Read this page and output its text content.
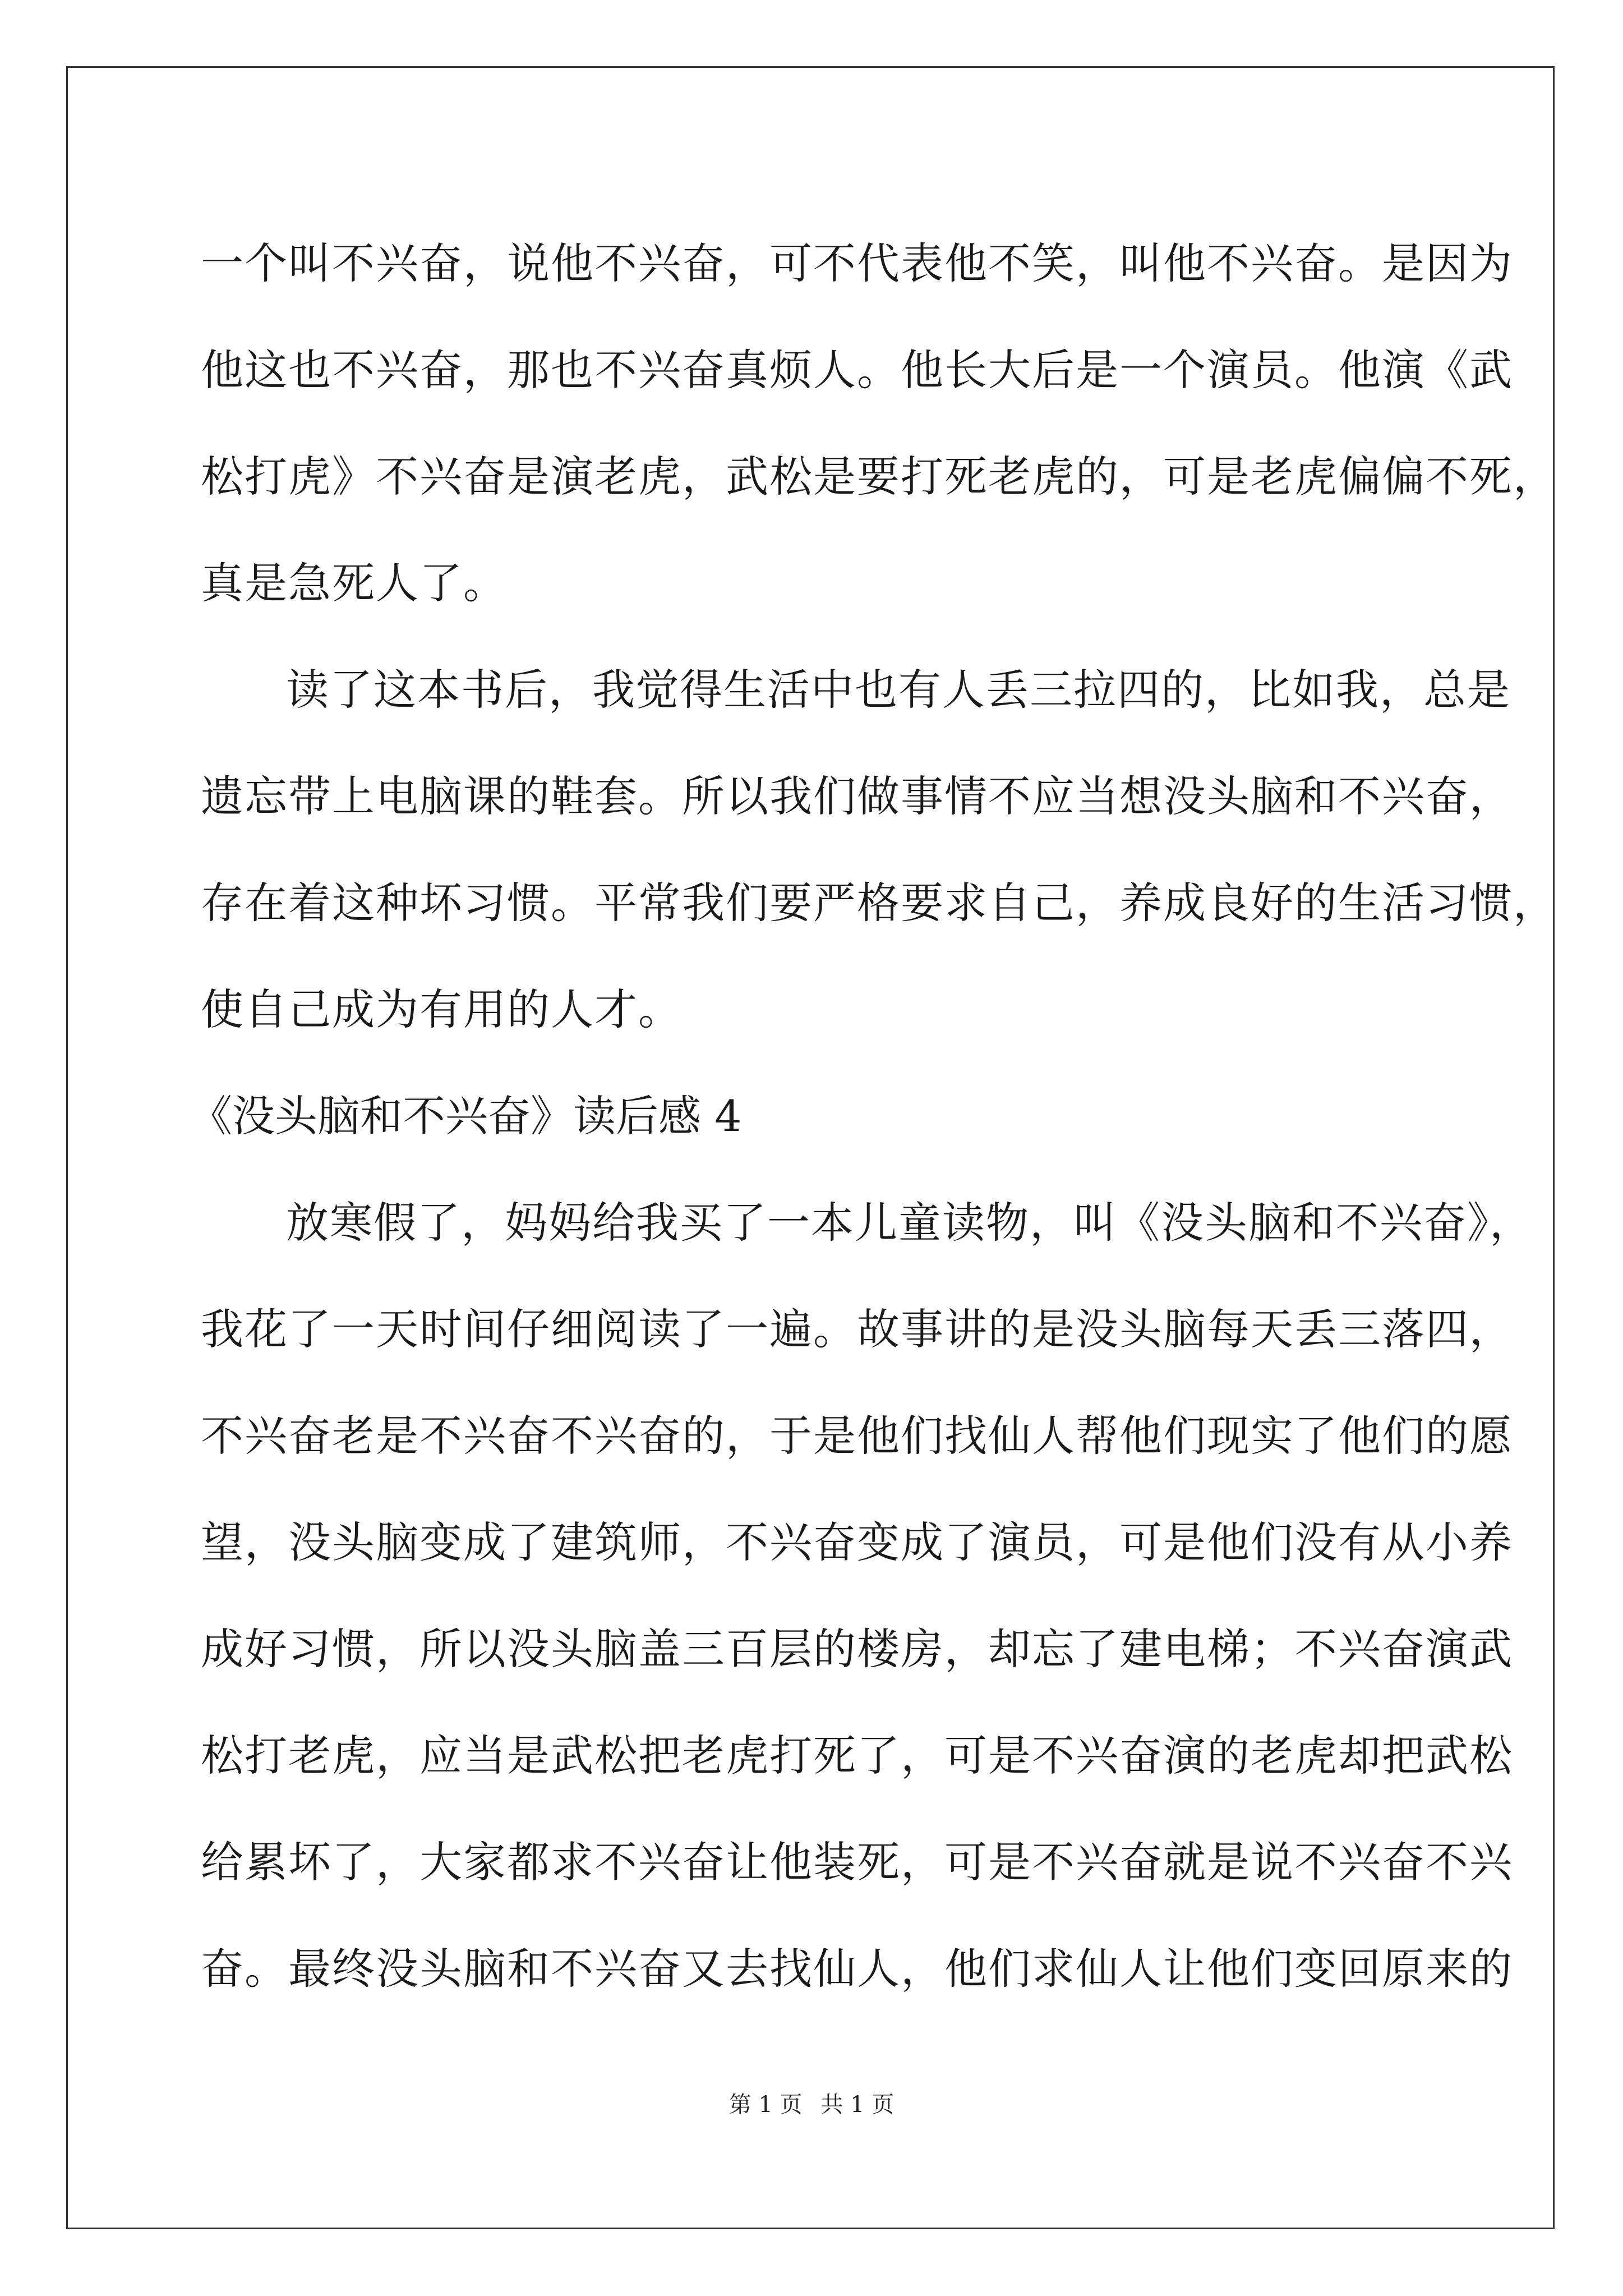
一个叫不兴奋，说他不兴奋，可不代表他不笑，叫他不兴奋。是因为
他这也不兴奋，那也不兴奋真烦人。他长大后是一个演员。他演《武
松打虎》不兴奋是演老虎，武松是要打死老虎的，可是老虎偏偏不死，
真是急死人了。
读了这本书后，我觉得生活中也有人丢三拉四的，比如我，总是
遗忘带上电脑课的鞋套。所以我们做事情不应当想没头脑和不兴奋，
存在着这种坏习惯。平常我们要严格要求自己，养成良好的生活习惯，
使自己成为有用的人才。
《没头脑和不兴奋》读后感 4
放寒假了，妈妈给我买了一本儿童读物，叫《没头脑和不兴奋》，
我花了一天时间仔细阅读了一遍。故事讲的是没头脑每天丢三落四，
不兴奋老是不兴奋不兴奋的，于是他们找仙人帮他们现实了他们的愿
望，没头脑变成了建筑师，不兴奋变成了演员，可是他们没有从小养
成好习惯，所以没头脑盖三百层的楼房，却忘了建电梯；不兴奋演武
松打老虎，应当是武松把老虎打死了，可是不兴奋演的老虎却把武松
给累坏了，大家都求不兴奋让他装死，可是不兴奋就是说不兴奋不兴
奋。最终没头脑和不兴奋又去找仙人，他们求仙人让他们变回原来的
第 1 页 共 1 页
